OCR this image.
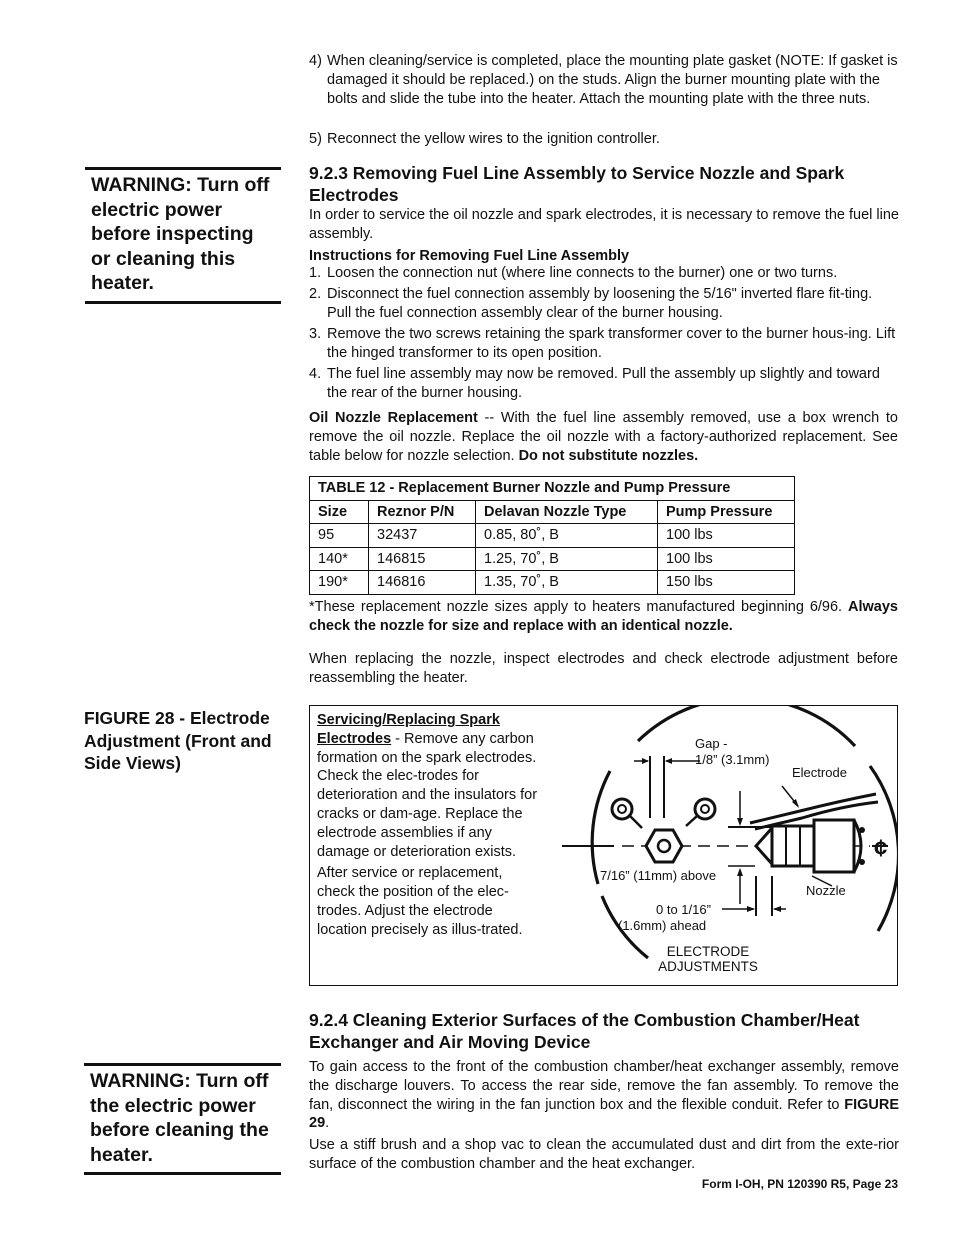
4) When cleaning/service is completed, place the mounting plate gasket (NOTE: If gasket is damaged it should be replaced.) on the studs. Align the burner mounting plate with the bolts and slide the tube into the heater. Attach the mounting plate with the three nuts.
5) Reconnect the yellow wires to the ignition controller.
WARNING: Turn off electric power before inspecting or cleaning this heater.

9.2.3 Removing Fuel Line Assembly to Service Nozzle and Spark Electrodes

In order to service the oil nozzle and spark electrodes, it is necessary to remove the fuel line assembly.

Instructions for Removing Fuel Line Assembly

1. Loosen the connection nut (where line connects to the burner) one or two turns.
2. Disconnect the fuel connection assembly by loosening the 5/16" inverted flare fit-ting. Pull the fuel connection assembly clear of the burner housing.
3. Remove the two screws retaining the spark transformer cover to the burner hous-ing. Lift the hinged transformer to its open position.
4. The fuel line assembly may now be removed. Pull the assembly up slightly and toward the rear of the burner housing.

Oil Nozzle Replacement -- With the fuel line assembly removed, use a box wrench to remove the oil nozzle. Replace the oil nozzle with a factory-authorized replacement. See table below for nozzle selection. Do not substitute nozzles.

TABLE 12 - Replacement Burner Nozzle and Pump Pressure			
Size	Reznor P/N	Delavan Nozzle Type	Pump Pressure
95	32437	0.85, 80˚, B	100 lbs
140*	146815	1.25, 70˚, B	100 lbs
190*	146816	1.35, 70˚, B	150 lbs

*These replacement nozzle sizes apply to heaters manufactured beginning 6/96. Always check the nozzle for size and replace with an identical nozzle.

When replacing the nozzle, inspect electrodes and check electrode adjustment before reassembling the heater.

FIGURE 28 - Electrode Adjustment (Front and Side Views)

Servicing/Replacing Spark Electrodes - Remove any carbon formation on the spark electrodes. Check the elec-trodes for deterioration and the insulators for cracks or dam-age. Replace the electrode assemblies if any damage or deterioration exists.

After service or replacement, check the position of the elec-trodes. Adjust the electrode location precisely as illus-trated.

Gap -
1/8” (3.1mm)
Electrode
7/16” (11mm) above
Nozzle
0 to 1/16”
(1.6mm) ahead
ELECTRODE
ADJUSTMENTS
¢

9.2.4 Cleaning Exterior Surfaces of the Combustion Chamber/Heat Exchanger and Air Moving Device

To gain access to the front of the combustion chamber/heat exchanger assembly, remove the discharge louvers. To access the rear side, remove the fan assembly. To remove the fan, disconnect the wiring in the fan junction box and the flexible conduit. Refer to FIGURE 29.

Use a stiff brush and a shop vac to clean the accumulated dust and dirt from the exte-rior surface of the combustion chamber and the heat exchanger.

WARNING: Turn off the electric power before cleaning the heater.
Form I-OH, PN 120390 R5, Page 23
